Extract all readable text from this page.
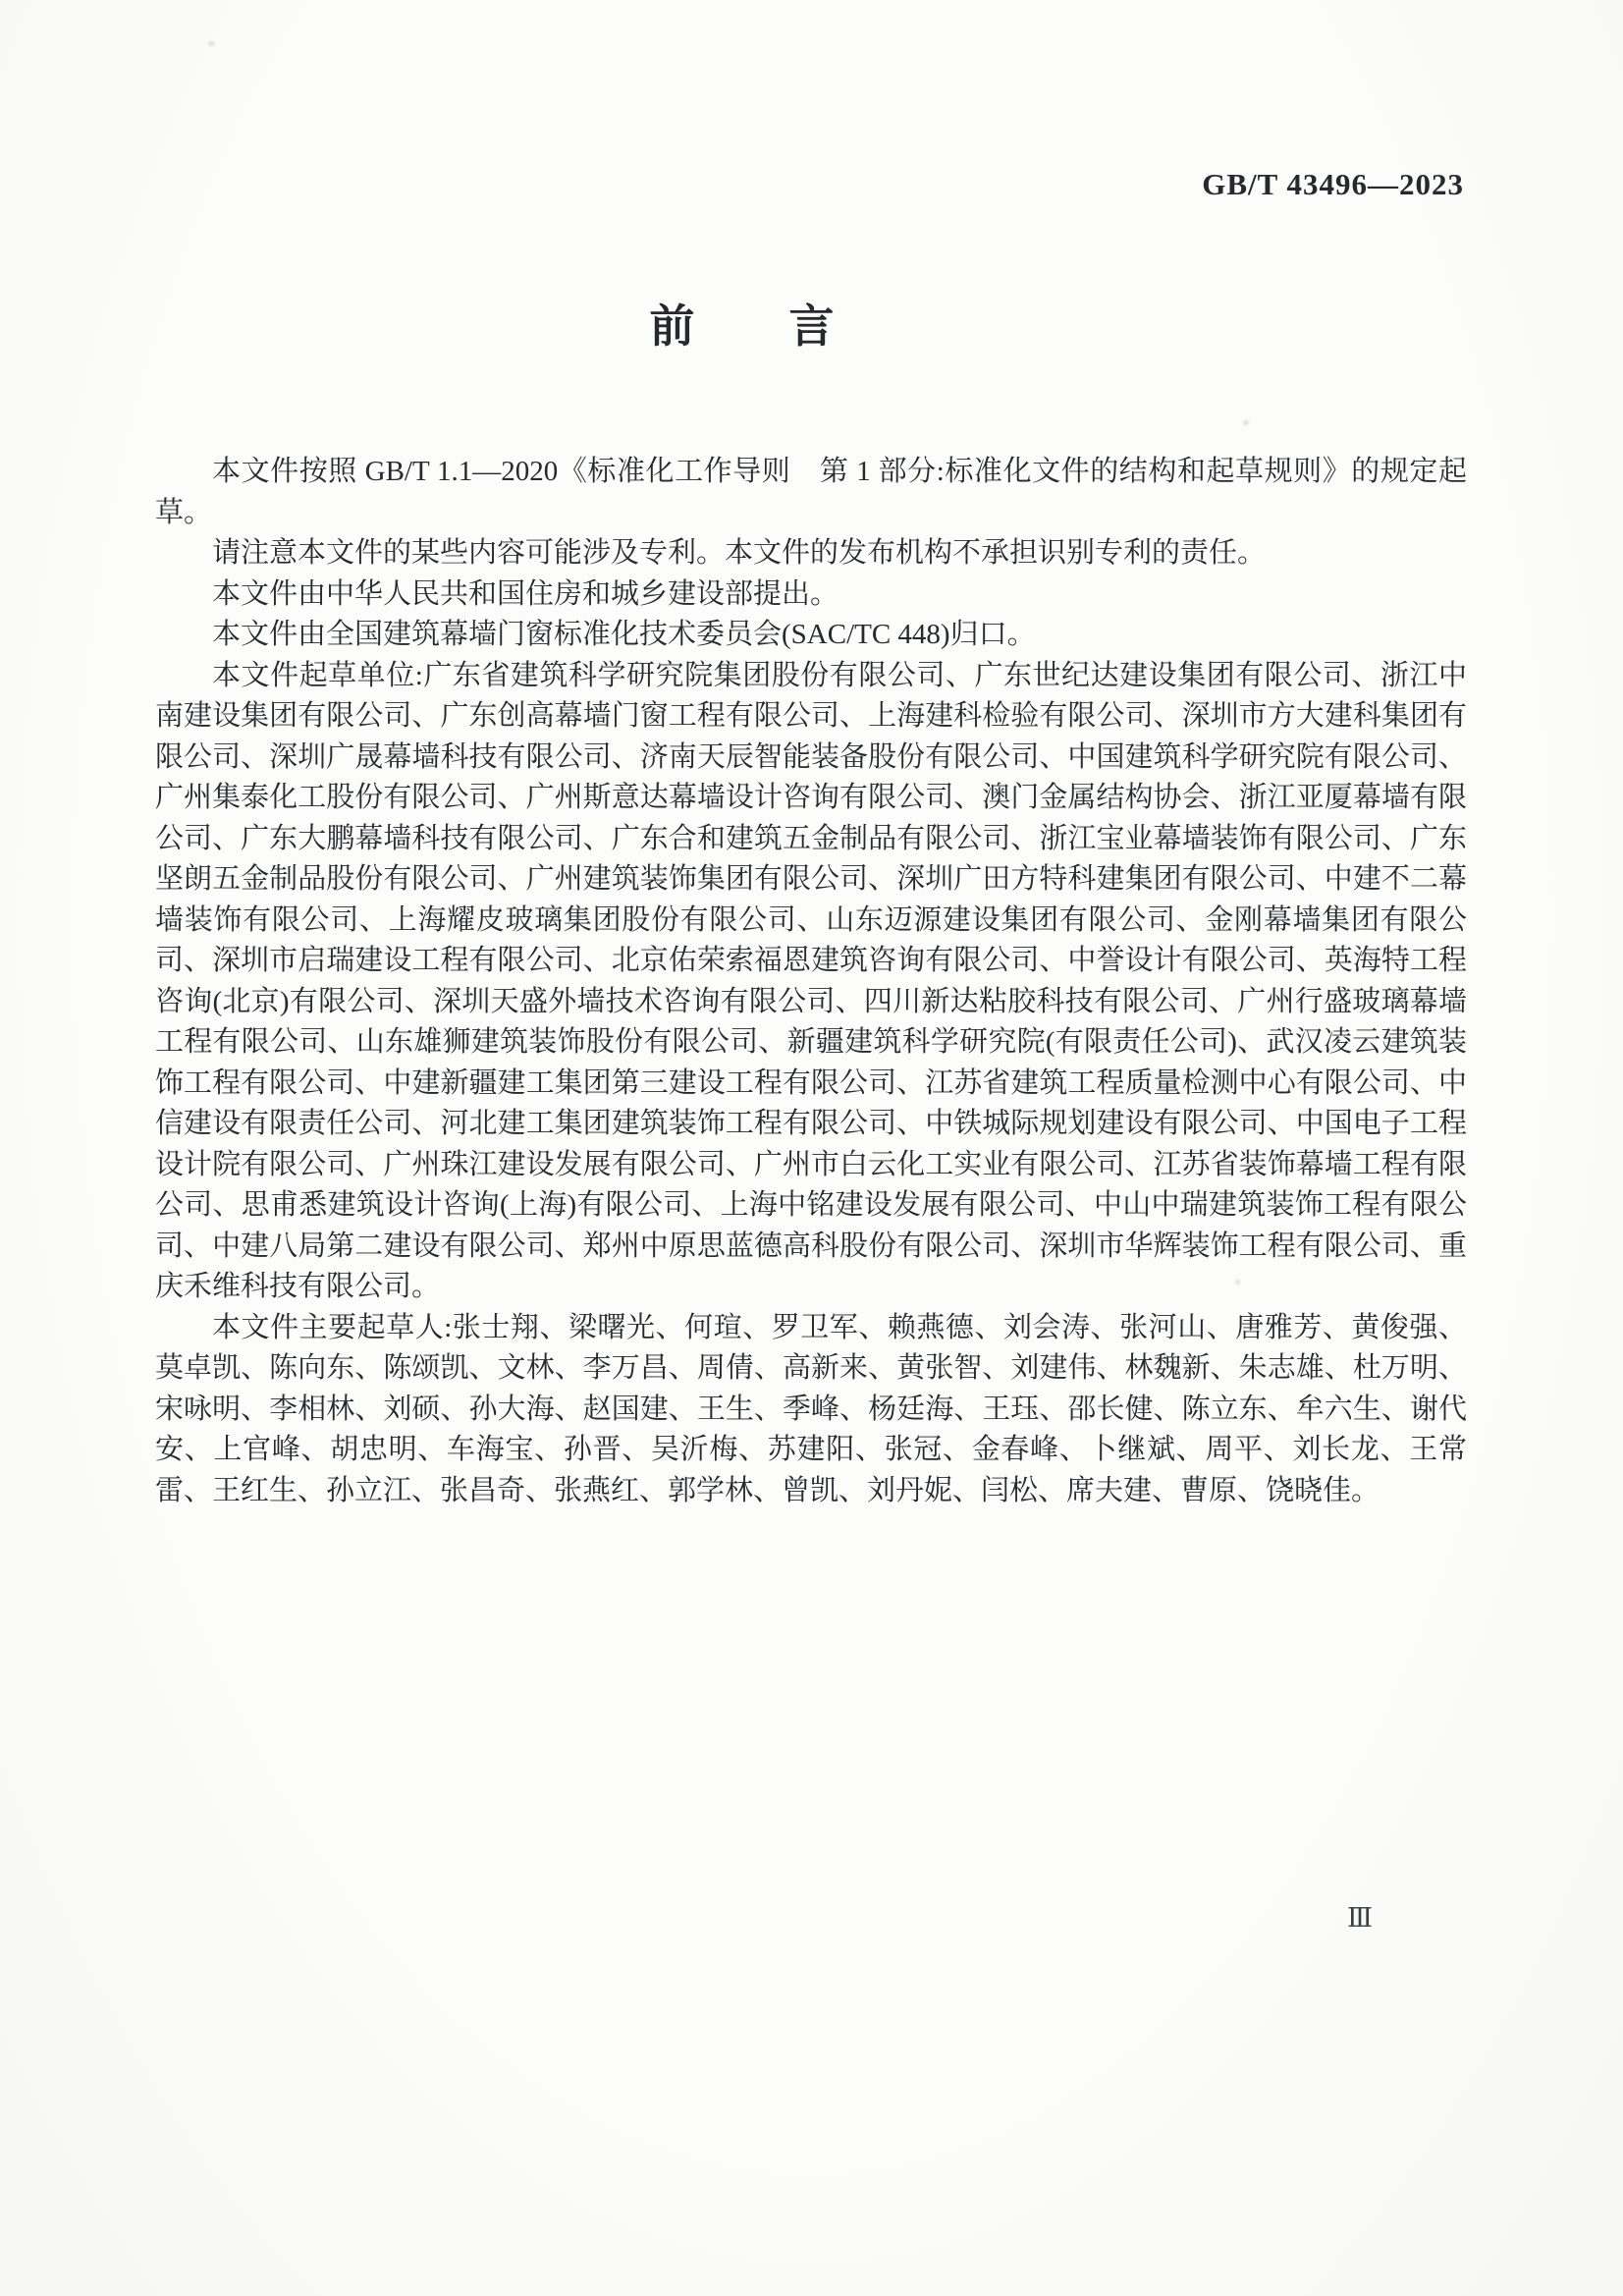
GB/T 43496—2023
前 言

本文件按照 GB/T 1.1—2020《标准化工作导则　第 1 部分:标准化文件的结构和起草规则》的规定起草。

请注意本文件的某些内容可能涉及专利。本文件的发布机构不承担识别专利的责任。

本文件由中华人民共和国住房和城乡建设部提出。

本文件由全国建筑幕墙门窗标准化技术委员会(SAC/TC 448)归口。

本文件起草单位:广东省建筑科学研究院集团股份有限公司、广东世纪达建设集团有限公司、浙江中南建设集团有限公司、广东创高幕墙门窗工程有限公司、上海建科检验有限公司、深圳市方大建科集团有限公司、深圳广晟幕墙科技有限公司、济南天辰智能装备股份有限公司、中国建筑科学研究院有限公司、广州集泰化工股份有限公司、广州斯意达幕墙设计咨询有限公司、澳门金属结构协会、浙江亚厦幕墙有限公司、广东大鹏幕墙科技有限公司、广东合和建筑五金制品有限公司、浙江宝业幕墙装饰有限公司、广东坚朗五金制品股份有限公司、广州建筑装饰集团有限公司、深圳广田方特科建集团有限公司、中建不二幕墙装饰有限公司、上海耀皮玻璃集团股份有限公司、山东迈源建设集团有限公司、金刚幕墙集团有限公司、深圳市启瑞建设工程有限公司、北京佑荣索福恩建筑咨询有限公司、中誉设计有限公司、英海特工程咨询(北京)有限公司、深圳天盛外墙技术咨询有限公司、四川新达粘胶科技有限公司、广州行盛玻璃幕墙工程有限公司、山东雄狮建筑装饰股份有限公司、新疆建筑科学研究院(有限责任公司)、武汉凌云建筑装饰工程有限公司、中建新疆建工集团第三建设工程有限公司、江苏省建筑工程质量检测中心有限公司、中信建设有限责任公司、河北建工集团建筑装饰工程有限公司、中铁城际规划建设有限公司、中国电子工程设计院有限公司、广州珠江建设发展有限公司、广州市白云化工实业有限公司、江苏省装饰幕墙工程有限公司、思甫悉建筑设计咨询(上海)有限公司、上海中铭建设发展有限公司、中山中瑞建筑装饰工程有限公司、中建八局第二建设有限公司、郑州中原思蓝德高科股份有限公司、深圳市华辉装饰工程有限公司、重庆禾维科技有限公司。

本文件主要起草人:张士翔、梁曙光、何瑄、罗卫军、赖燕德、刘会涛、张河山、唐雅芳、黄俊强、莫卓凯、陈向东、陈颂凯、文林、李万昌、周倩、高新来、黄张智、刘建伟、林魏新、朱志雄、杜万明、宋咏明、李相林、刘硕、孙大海、赵国建、王生、季峰、杨廷海、王珏、邵长健、陈立东、牟六生、谢代安、上官峰、胡忠明、车海宝、孙晋、吴沂梅、苏建阳、张冠、金春峰、卜继斌、周平、刘长龙、王常雷、王红生、孙立江、张昌奇、张燕红、郭学林、曾凯、刘丹妮、闫松、席夫建、曹原、饶晓佳。

Ⅲ
